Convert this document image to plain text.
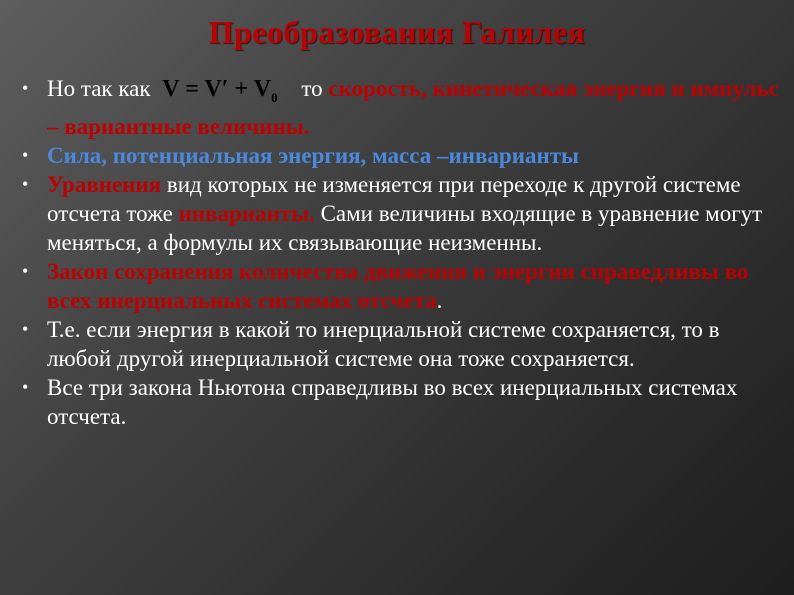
Преобразования Галилея
• Но так как $V = V' + V_0$ то скорость, кинетическая энергия и импульс – вариантные величины.
• Сила, потенциальная энергия, масса –инварианты
• Уравнения вид которых не изменяется при переходе к другой системе отсчета тоже инварианты. Сами величины входящие в уравнение могут меняться, а формулы их связывающие неизменны.
• Закон сохранения количества движения и энергии справедливы во всех инерциальных системах отсчета.
• Т.е. если энергия в какой то инерциальной системе сохраняется, то в любой другой инерциальной системе она тоже сохраняется.
• Все три закона Ньютона справедливы во всех инерциальных системах отсчета.
